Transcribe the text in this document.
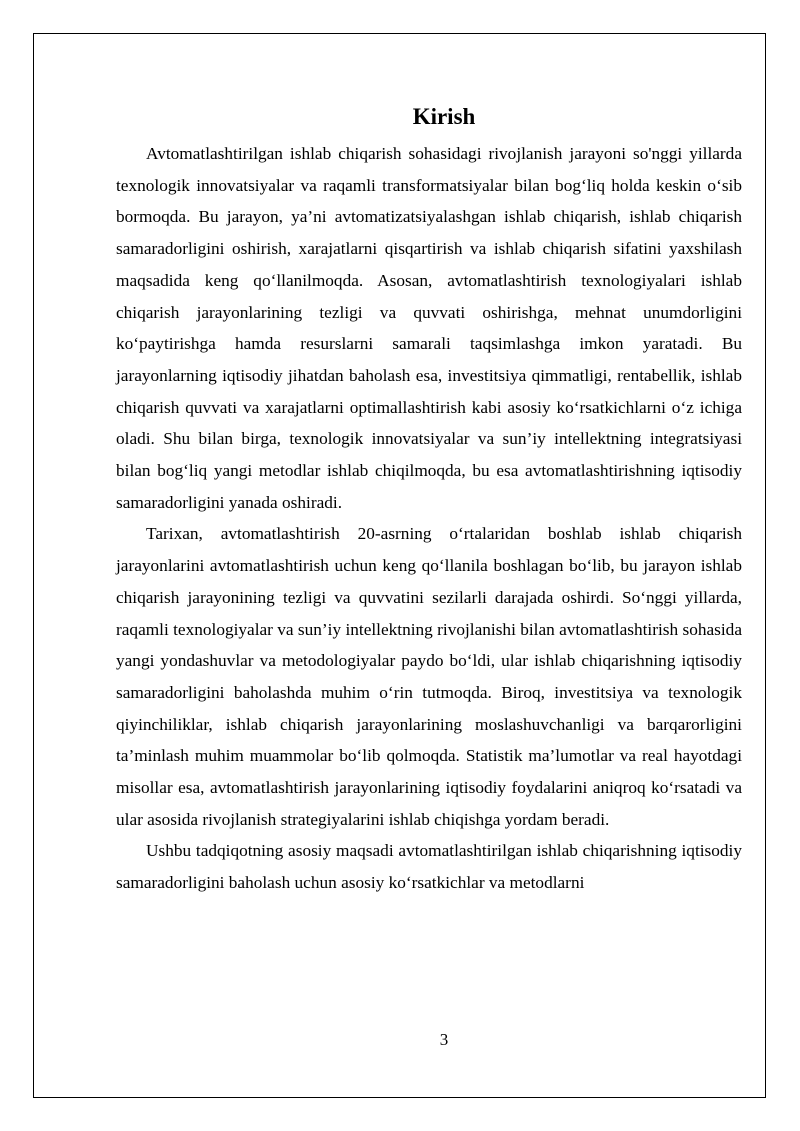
Kirish

Avtomatlashtirilgan ishlab chiqarish sohasidagi rivojlanish jarayoni so'nggi yillarda texnologik innovatsiyalar va raqamli transformatsiyalar bilan bog‘liq holda keskin o‘sib bormoqda. Bu jarayon, ya’ni avtomatizatsiyalashgan ishlab chiqarish, ishlab chiqarish samaradorligini oshirish, xarajatlarni qisqartirish va ishlab chiqarish sifatini yaxshilash maqsadida keng qo‘llanilmoqda. Asosan, avtomatlashtirish texnologiyalari ishlab chiqarish jarayonlarining tezligi va quvvati oshirishga, mehnat unumdorligini ko‘paytirishga hamda resurslarni samarali taqsimlashga imkon yaratadi. Bu jarayonlarning iqtisodiy jihatdan baholash esa, investitsiya qimmatligi, rentabellik, ishlab chiqarish quvvati va xarajatlarni optimallashtirish kabi asosiy ko‘rsatkichlarni o‘z ichiga oladi. Shu bilan birga, texnologik innovatsiyalar va sun’iy intellektning integratsiyasi bilan bog‘liq yangi metodlar ishlab chiqilmoqda, bu esa avtomatlashtirishning iqtisodiy samaradorligini yanada oshiradi.

Tarixan, avtomatlashtirish 20-asrning o‘rtalaridan boshlab ishlab chiqarish jarayonlarini avtomatlashtirish uchun keng qo‘llanila boshlagan bo‘lib, bu jarayon ishlab chiqarish jarayonining tezligi va quvvatini sezilarli darajada oshirdi. So‘nggi yillarda, raqamli texnologiyalar va sun’iy intellektning rivojlanishi bilan avtomatlashtirish sohasida yangi yondashuvlar va metodologiyalar paydo bo‘ldi, ular ishlab chiqarishning iqtisodiy samaradorligini baholashda muhim o‘rin tutmoqda. Biroq, investitsiya va texnologik qiyinchiliklar, ishlab chiqarish jarayonlarining moslashuvchanligi va barqarorligini ta’minlash muhim muammolar bo‘lib qolmoqda. Statistik ma’lumotlar va real hayotdagi misollar esa, avtomatlashtirish jarayonlarining iqtisodiy foydalarini aniqroq ko‘rsatadi va ular asosida rivojlanish strategiyalarini ishlab chiqishga yordam beradi.

Ushbu tadqiqotning asosiy maqsadi avtomatlashtirilgan ishlab chiqarishning iqtisodiy samaradorligini baholash uchun asosiy ko‘rsatkichlar va metodlarni

3
